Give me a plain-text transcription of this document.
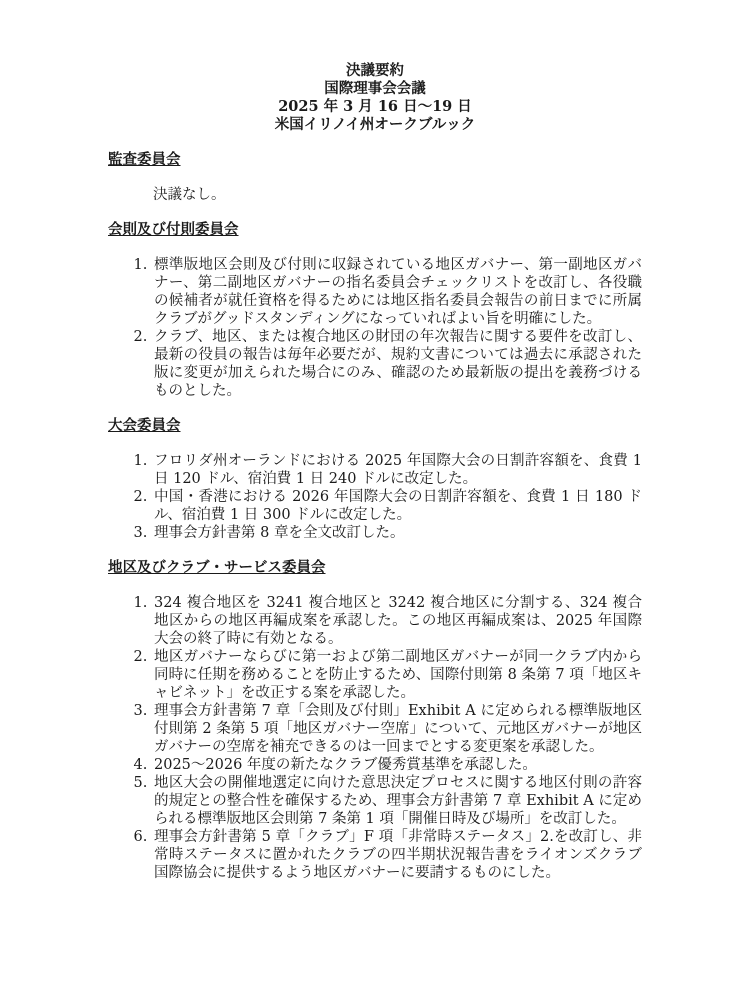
決議要約
国際理事会会議
2025 年 3 月 16 日～19 日
米国イリノイ州オークブルック
監査委員会

決議なし。

会則及び付則委員会
1. 標準版地区会則及び付則に収録されている地区ガバナー、第一副地区ガバナー、第二副地区ガバナーの指名委員会チェックリストを改訂し、各役職の候補者が就任資格を得るためには地区指名委員会報告の前日までに所属クラブがグッドスタンディングになっていればよい旨を明確にした。
2. クラブ、地区、または複合地区の財団の年次報告に関する要件を改訂し、最新の役員の報告は毎年必要だが、規約文書については過去に承認された版に変更が加えられた場合にのみ、確認のため最新版の提出を義務づけるものとした。
大会委員会
1. フロリダ州オーランドにおける 2025 年国際大会の日割許容額を、食費 1 日 120 ドル、宿泊費 1 日 240 ドルに改定した。
2. 中国・香港における 2026 年国際大会の日割許容額を、食費 1 日 180 ドル、宿泊費 1 日 300 ドルに改定した。
3. 理事会方針書第 8 章を全文改訂した。
地区及びクラブ・サービス委員会
1. 324 複合地区を 3241 複合地区と 3242 複合地区に分割する、324 複合地区からの地区再編成案を承認した。この地区再編成案は、2025 年国際大会の終了時に有効となる。
2. 地区ガバナーならびに第一および第二副地区ガバナーが同一クラブ内から同時に任期を務めることを防止するため、国際付則第 8 条第 7 項「地区キャビネット」を改正する案を承認した。
3. 理事会方針書第 7 章「会則及び付則」Exhibit A に定められる標準版地区付則第 2 条第 5 項「地区ガバナー空席」について、元地区ガバナーが地区ガバナーの空席を補充できるのは一回までとする変更案を承認した。
4. 2025～2026 年度の新たなクラブ優秀賞基準を承認した。
5. 地区大会の開催地選定に向けた意思決定プロセスに関する地区付則の許容的規定との整合性を確保するため、理事会方針書第 7 章 Exhibit A に定められる標準版地区会則第 7 条第 1 項「開催日時及び場所」を改訂した。
6. 理事会方針書第 5 章「クラブ」F 項「非常時ステータス」2.を改訂し、非常時ステータスに置かれたクラブの四半期状況報告書をライオンズクラブ国際協会に提供するよう地区ガバナーに要請するものにした。
